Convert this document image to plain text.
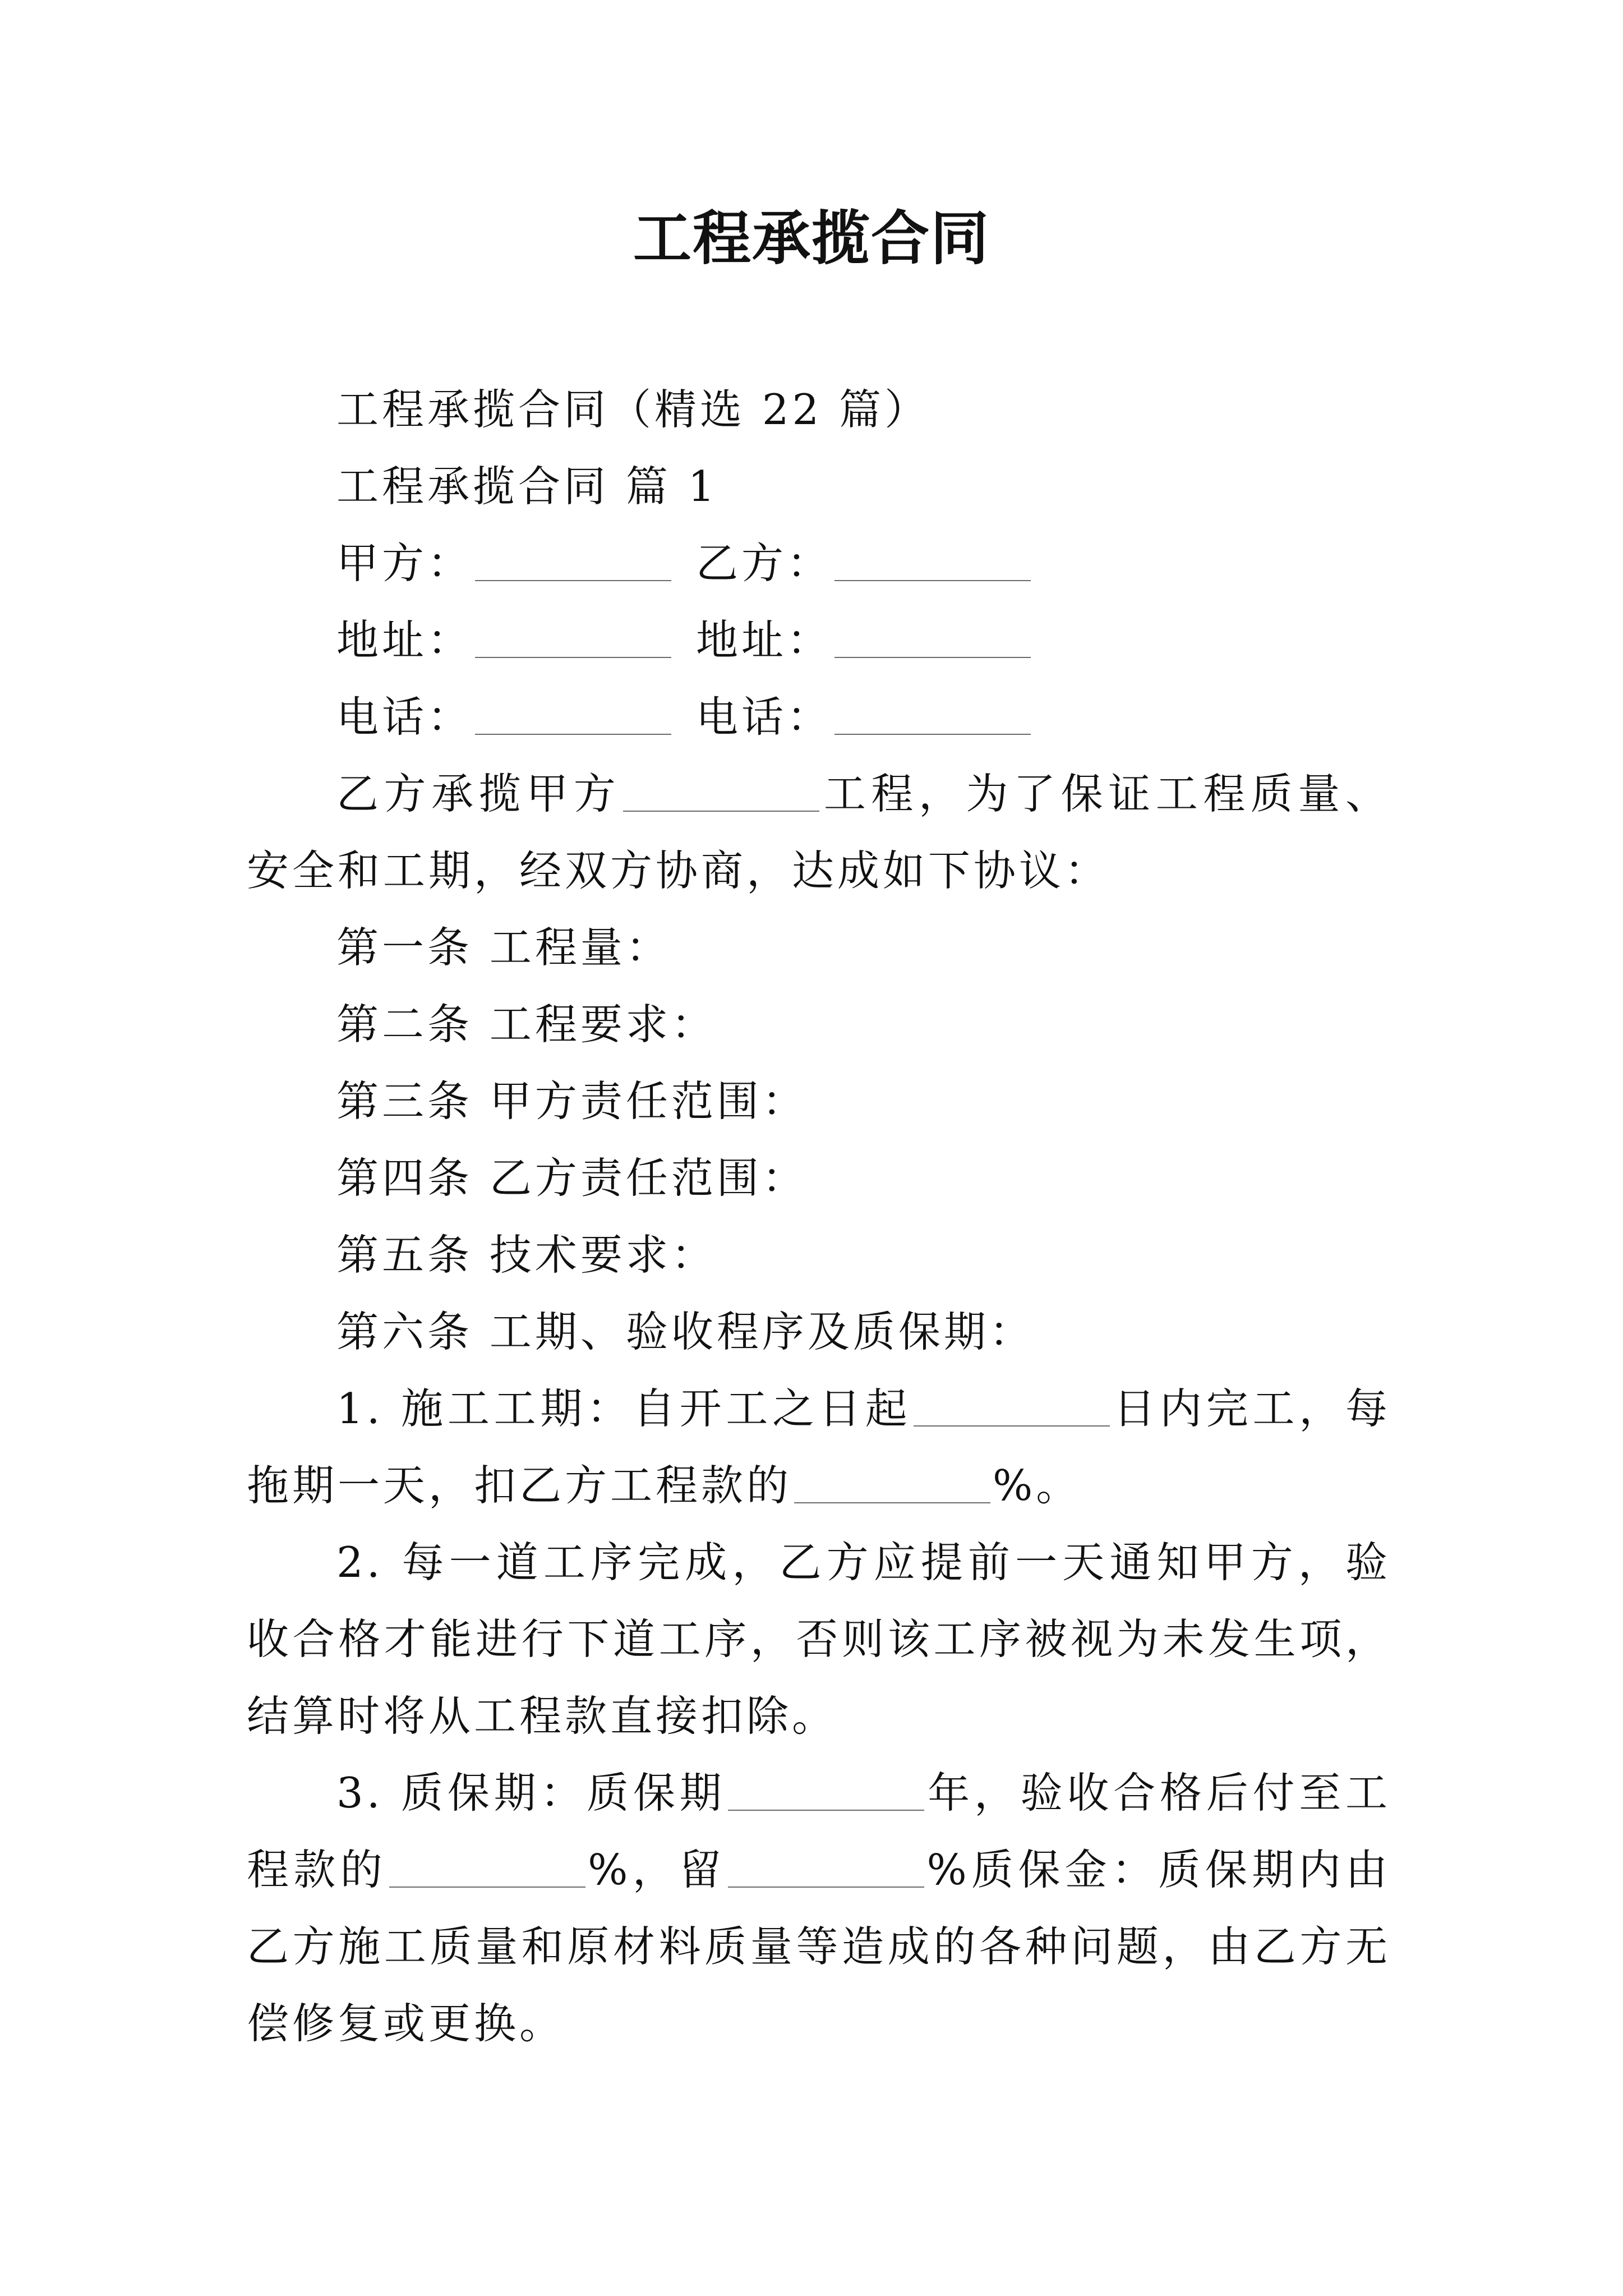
工程承揽合同

工程承揽合同（精选 22 篇）

工程承揽合同 篇 1

甲方：	乙方：

地址：	地址：

电话：	电话：

乙方承揽甲方	工程，为了保证工程质量、安全和工期，经双方协商，达成如下协议：

第一条 工程量：

第二条 工程要求：

第三条 甲方责任范围：

第四条 乙方责任范围：

第五条 技术要求：

第六条 工期、验收程序及质保期：

1. 施工工期：自开工之日起	日内完工，每拖期一天，扣乙方工程款的	%。

2. 每一道工序完成，乙方应提前一天通知甲方，验收合格才能进行下道工序，否则该工序被视为未发生项，结算时将从工程款直接扣除。

3. 质保期：质保期	年，验收合格后付至工程款的	%，留	%质保金：质保期内由乙方施工质量和原材料质量等造成的各种问题，由乙方无偿修复或更换。
